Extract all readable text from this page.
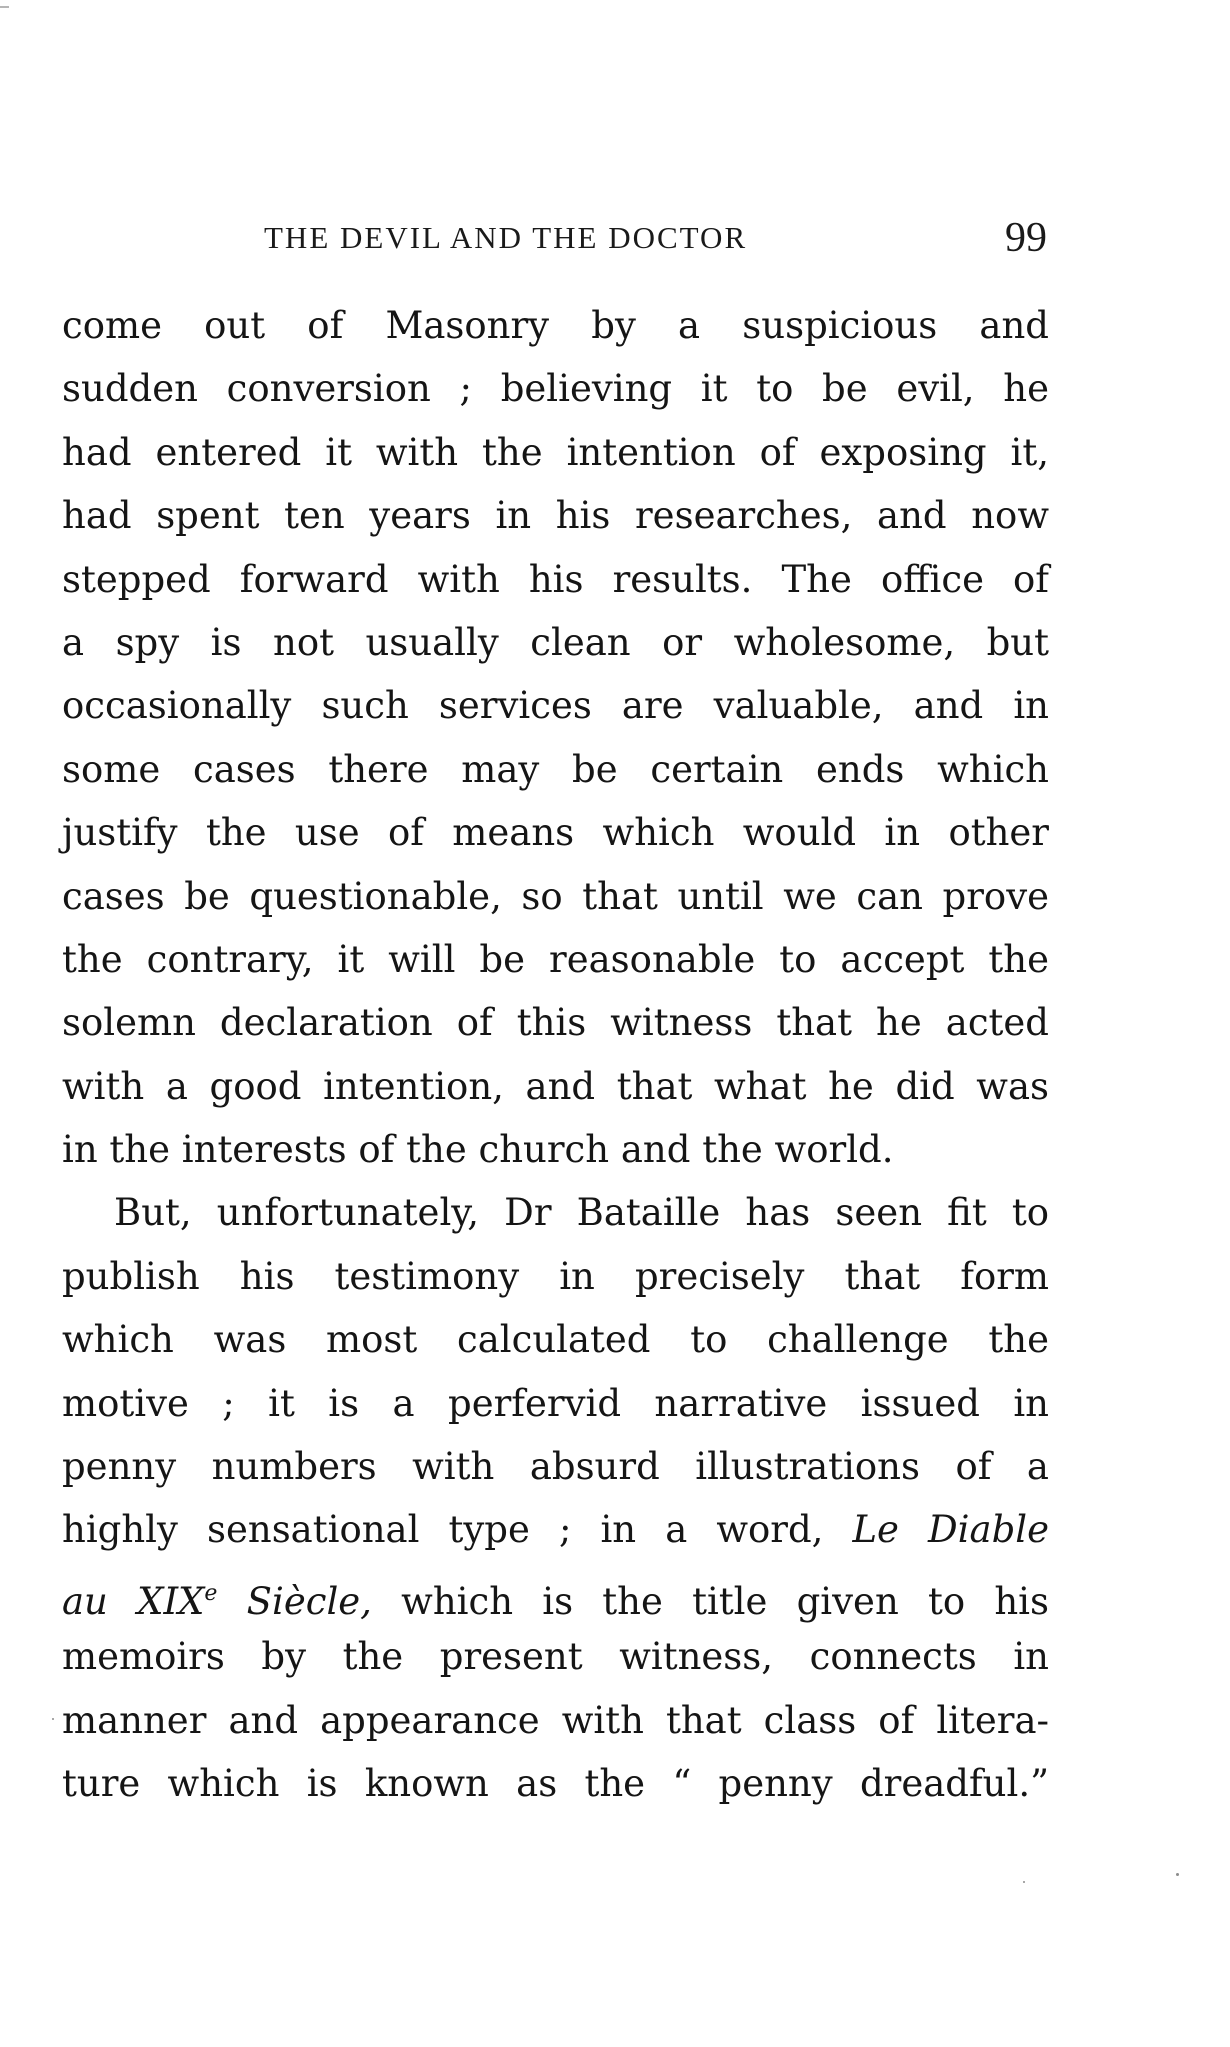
THE DEVIL AND THE DOCTOR	99
come out of Masonry by a suspicious and
sudden conversion ; believing it to be evil, he
had entered it with the intention of exposing it,
had spent ten years in his researches, and now
stepped forward with his results. The office of
a spy is not usually clean or wholesome, but
occasionally such services are valuable, and in
some cases there may be certain ends which
justify the use of means which would in other
cases be questionable, so that until we can prove
the contrary, it will be reasonable to accept the
solemn declaration of this witness that he acted
with a good intention, and that what he did was
in the interests of the church and the world.
But, unfortunately, Dr Bataille has seen fit to
publish his testimony in precisely that form
which was most calculated to challenge the
motive ; it is a perfervid narrative issued in
penny numbers with absurd illustrations of a
highly sensational type ; in a word, Le Diable
au XIXe Siècle, which is the title given to his
memoirs by the present witness, connects in
manner and appearance with that class of litera-
ture which is known as the “ penny dreadful.”
